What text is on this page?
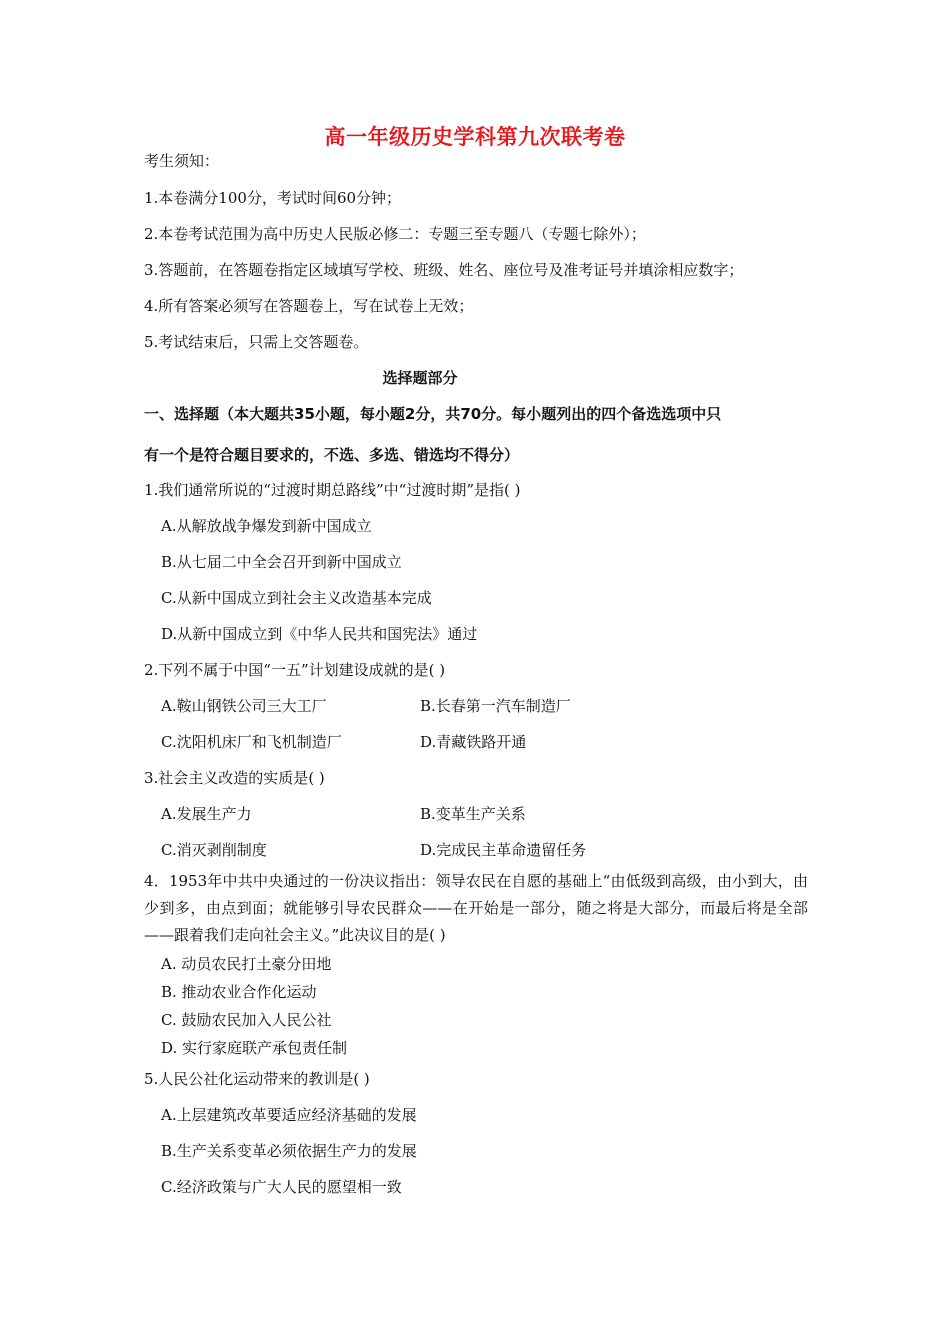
高一年级历史学科第九次联考卷
考生须知：
1.本卷满分100分，考试时间60分钟；
2.本卷考试范围为高中历史人民版必修二：专题三至专题八（专题七除外）；
3.答题前，在答题卷指定区域填写学校、班级、姓名、座位号及准考证号并填涂相应数字；
4.所有答案必须写在答题卷上，写在试卷上无效；
5.考试结束后，只需上交答题卷。
选择题部分
一、选择题（本大题共35小题，每小题2分，共70分。每小题列出的四个备选选项中只
有一个是符合题目要求的，不选、多选、错选均不得分）
1.我们通常所说的“过渡时期总路线”中“过渡时期”是指( )
A.从解放战争爆发到新中国成立
B.从七届二中全会召开到新中国成立
C.从新中国成立到社会主义改造基本完成
D.从新中国成立到《中华人民共和国宪法》通过
2.下列不属于中国“一五”计划建设成就的是( )
A.鞍山钢铁公司三大工厂	B.长春第一汽车制造厂
C.沈阳机床厂和飞机制造厂	D.青藏铁路开通
3.社会主义改造的实质是( )
A.发展生产力	B.变革生产关系
C.消灭剥削制度	D.完成民主革命遗留任务
4．1953年中共中央通过的一份决议指出：领导农民在自愿的基础上“由低级到高级，由小到大，由少到多，由点到面；就能够引导农民群众——在开始是一部分，随之将是大部分，而最后将是全部——跟着我们走向社会主义。”此决议目的是( )
A. 动员农民打土豪分田地
B. 推动农业合作化运动
C. 鼓励农民加入人民公社
D. 实行家庭联产承包责任制
5.人民公社化运动带来的教训是( )
A.上层建筑改革要适应经济基础的发展
B.生产关系变革必须依据生产力的发展
C.经济政策与广大人民的愿望相一致
